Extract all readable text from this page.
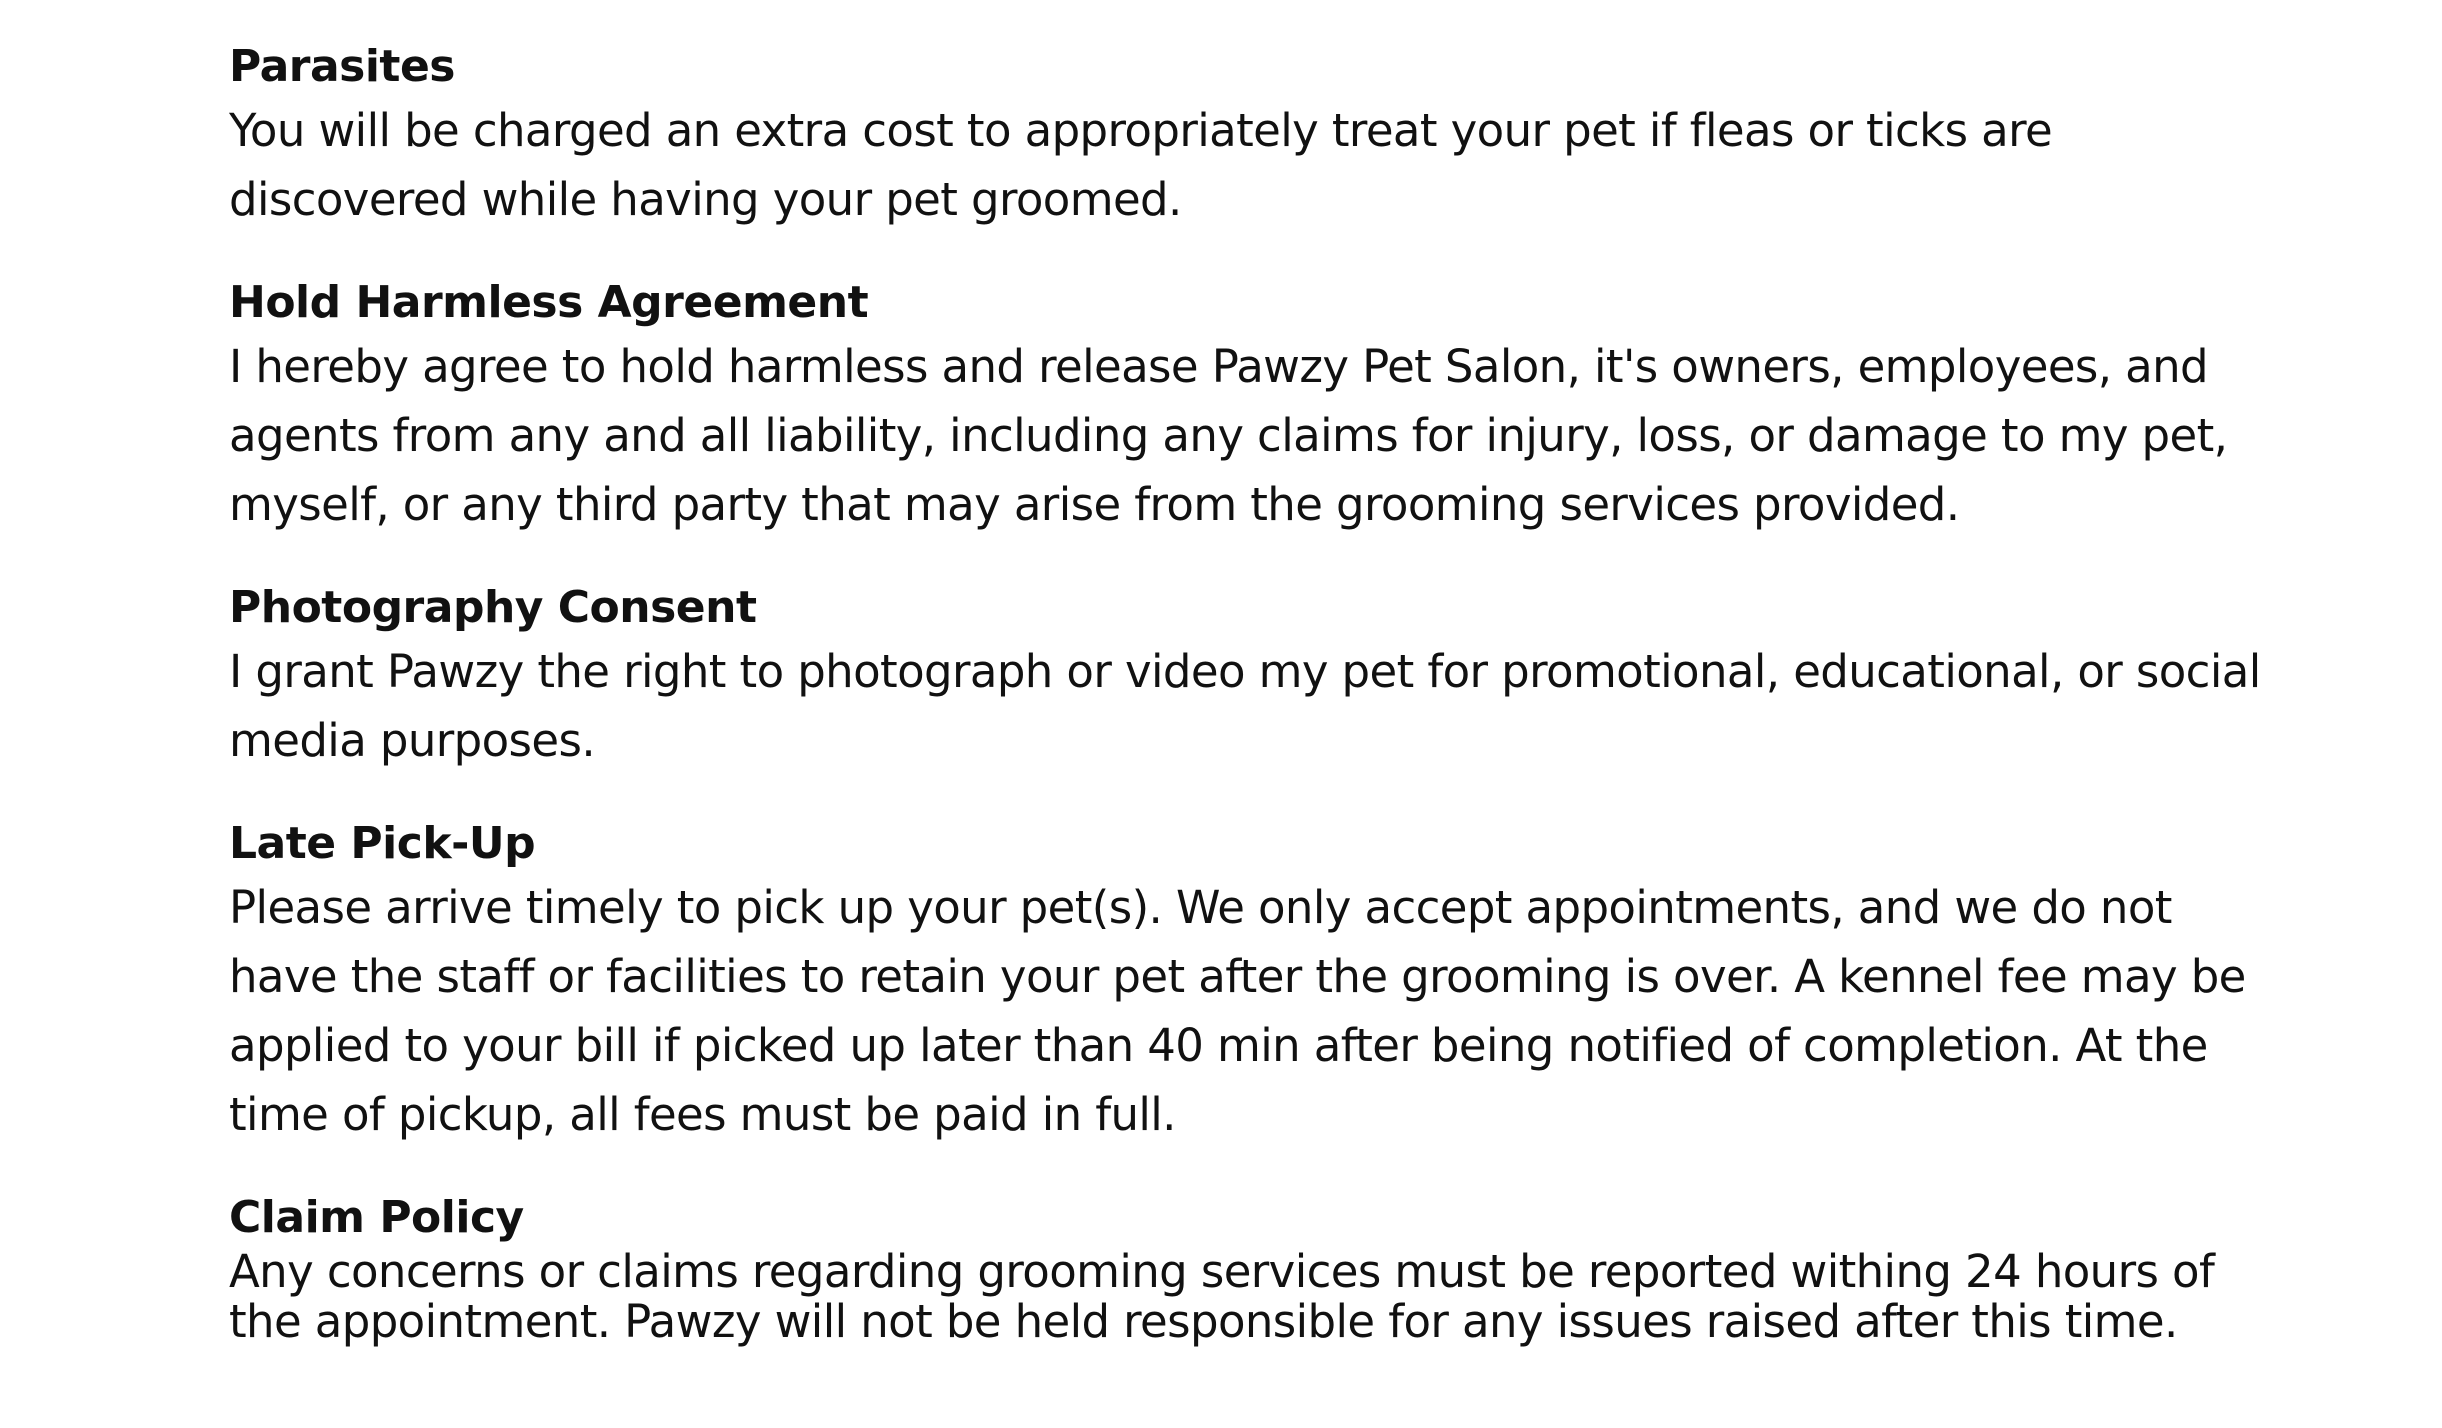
Parasites

You will be charged an extra cost to appropriately treat your pet if fleas or ticks are
discovered while having your pet groomed.

Hold Harmless Agreement

I hereby agree to hold harmless and release Pawzy Pet Salon, it's owners, employees, and
agents from any and all liability, including any claims for injury, loss, or damage to my pet,
myself, or any third party that may arise from the grooming services provided.

Photography Consent

I grant Pawzy the right to photograph or video my pet for promotional, educational, or social
media purposes.

Late Pick-Up

Please arrive timely to pick up your pet(s). We only accept appointments, and we do not
have the staff or facilities to retain your pet after the grooming is over. A kennel fee may be
applied to your bill if picked up later than 40 min after being notified of completion. At the
time of pickup, all fees must be paid in full.

Claim Policy

Any concerns or claims regarding grooming services must be reported withing 24 hours of
the appointment. Pawzy will not be held responsible for any issues raised after this time.
